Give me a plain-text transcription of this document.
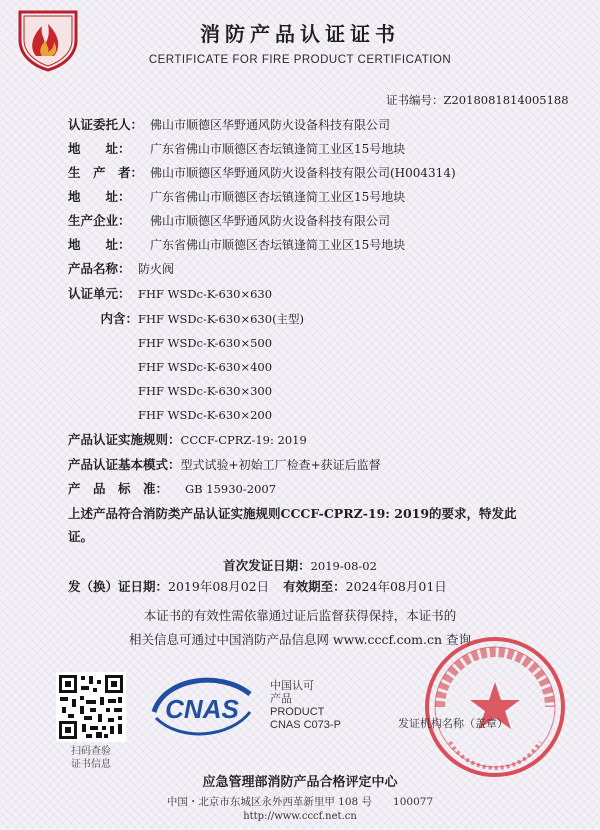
消防产品认证证书
CERTIFICATE FOR FIRE PRODUCT CERTIFICATION
证书编号：Z2018081814005188
认证委托人： 佛山市顺德区华野通风防火设备科技有限公司
地　　址： 广东省佛山市顺德区杏坛镇逢简工业区15号地块
生　产　者： 佛山市顺德区华野通风防火设备科技有限公司(H004314)
地　　址： 广东省佛山市顺德区杏坛镇逢简工业区15号地块
生产企业： 佛山市顺德区华野通风防火设备科技有限公司
地　　址： 广东省佛山市顺德区杏坛镇逢简工业区15号地块
产品名称： 防火阀
认证单元： FHF WSDc-K-630×630
内含：FHF WSDc-K-630×630(主型)
FHF WSDc-K-630×500
FHF WSDc-K-630×400
FHF WSDc-K-630×300
FHF WSDc-K-630×200
产品认证实施规则：CCCF-CPRZ-19: 2019
产品认证基本模式：型式试验+初始工厂检查+获证后监督
产　品　标　准： GB 15930-2007
上述产品符合消防类产品认证实施规则CCCF-CPRZ-19: 2019的要求，特发此证。
首次发证日期：2019-08-02
发（换）证日期：2019年08月02日 有效期至：2024年08月01日
本证书的有效性需依靠通过证后监督获得保持，本证书的
相关信息可通过中国消防产品信息网 www.cccf.com.cn 查询
扫码查验
证书信息
CNAS
中国认可
产品
PRODUCT
CNAS C073-P	发证机构名称（盖章）
应急管理部消防产品合格评定中心
中国・北京市东城区永外西革新里甲 108 号　　100077
http://www.cccf.net.cn
